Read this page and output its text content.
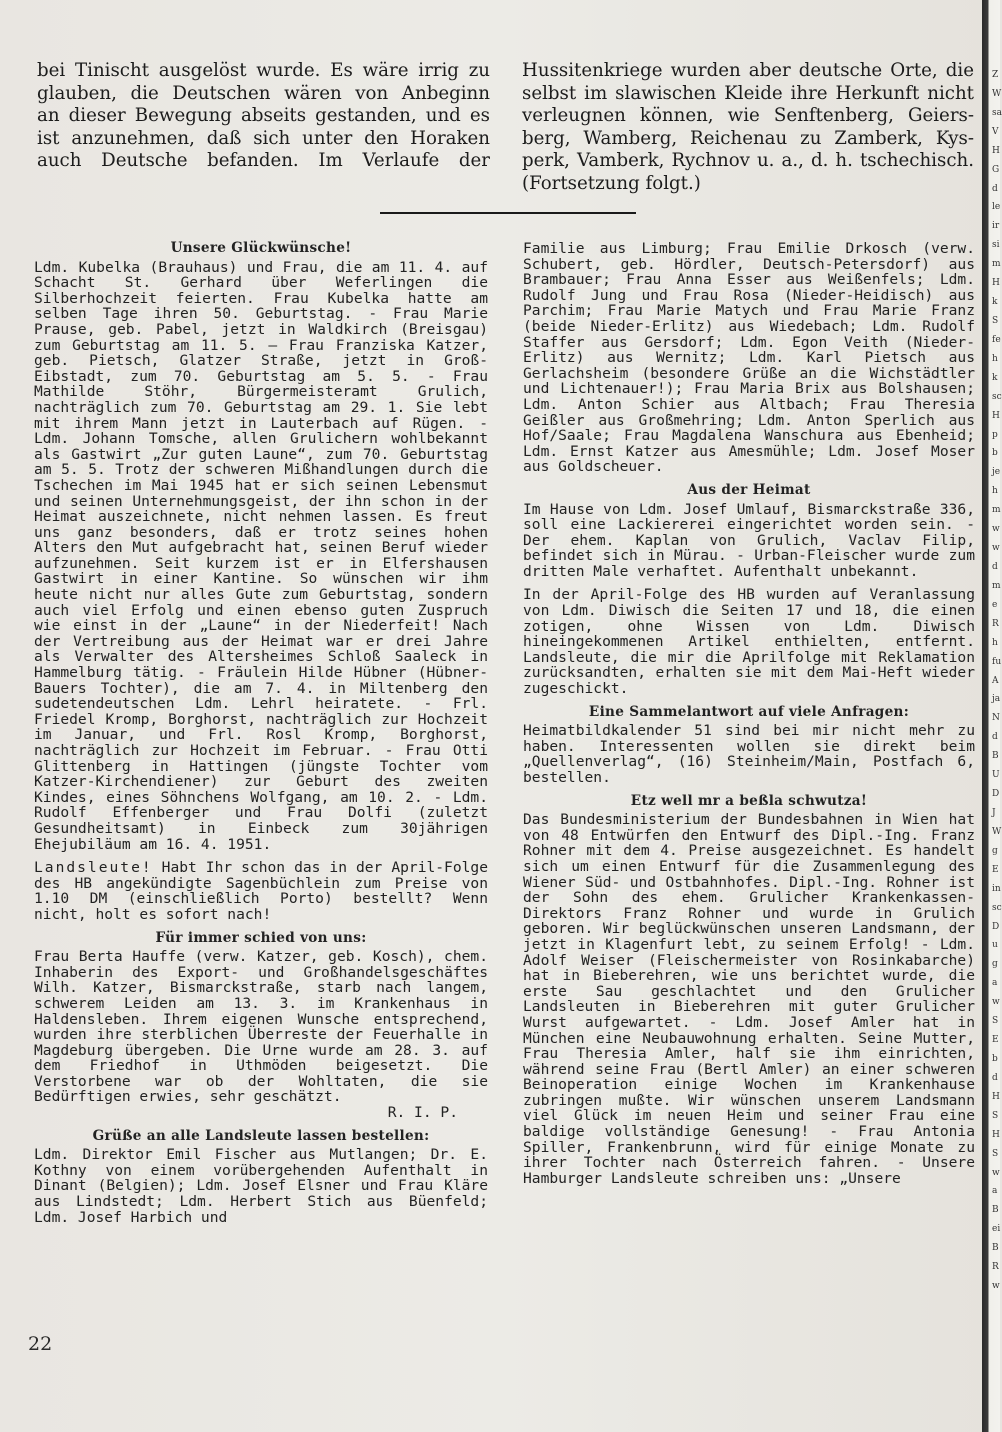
bei Tinischt ausgelöst wurde. Es wäre irrig zu
glauben, die Deutschen wären von Anbeginn
an dieser Bewegung abseits gestanden, und es
ist anzunehmen, daß sich unter den Horaken
auch Deutsche befanden. Im Verlaufe der
Hussitenkriege wurden aber deutsche Orte, die
selbst im slawischen Kleide ihre Herkunft nicht
verleugnen können, wie Senftenberg, Geiers-
berg, Wamberg, Reichenau zu Zamberk, Kys-
perk, Vamberk, Rychnov u. a., d. h. tschechisch.
(Fortsetzung folgt.)
Unsere Glückwünsche!

Ldm. Kubelka (Brauhaus) und Frau, die am 11. 4. auf Schacht St. Gerhard über Weferlingen die Silberhochzeit feierten. Frau Kubelka hatte am selben Tage ihren 50. Geburtstag. - Frau Marie Prause, geb. Pabel, jetzt in Waldkirch (Breisgau) zum Geburtstag am 11. 5. — Frau Franziska Katzer, geb. Pietsch, Glatzer Straße, jetzt in Groß-Eibstadt, zum 70. Geburtstag am 5. 5. - Frau Mathilde Stöhr, Bürgermeisteramt Grulich, nachträglich zum 70. Geburtstag am 29. 1. Sie lebt mit ihrem Mann jetzt in Lauterbach auf Rügen. - Ldm. Johann Tomsche, allen Grulichern wohlbekannt als Gastwirt „Zur guten Laune“, zum 70. Geburtstag am 5. 5. Trotz der schweren Mißhandlungen durch die Tschechen im Mai 1945 hat er sich seinen Lebensmut und seinen Unternehmungsgeist, der ihn schon in der Heimat auszeichnete, nicht nehmen lassen. Es freut uns ganz besonders, daß er trotz seines hohen Alters den Mut aufgebracht hat, seinen Beruf wieder aufzunehmen. Seit kurzem ist er in Elfershausen Gastwirt in einer Kantine. So wünschen wir ihm heute nicht nur alles Gute zum Geburtstag, sondern auch viel Erfolg und einen ebenso guten Zuspruch wie einst in der „Laune“ in der Niederfeit! Nach der Vertreibung aus der Heimat war er drei Jahre als Verwalter des Altersheimes Schloß Saaleck in Hammelburg tätig. - Fräulein Hilde Hübner (Hübner-Bauers Tochter), die am 7. 4. in Miltenberg den sudetendeutschen Ldm. Lehrl heiratete. - Frl. Friedel Kromp, Borghorst, nachträglich zur Hochzeit im Januar, und Frl. Rosl Kromp, Borghorst, nachträglich zur Hochzeit im Februar. - Frau Otti Glittenberg in Hattingen (jüngste Tochter vom Katzer-Kirchendiener) zur Geburt des zweiten Kindes, eines Söhnchens Wolfgang, am 10. 2. - Ldm. Rudolf Effenberger und Frau Dolfi (zuletzt Gesundheitsamt) in Einbeck zum 30jährigen Ehejubiläum am 16. 4. 1951.

Landsleute! Habt Ihr schon das in der April-Folge des HB angekündigte Sagenbüchlein zum Preise von 1.10 DM (einschließlich Porto) bestellt? Wenn nicht, holt es sofort nach!

Für immer schied von uns:

Frau Berta Hauffe (verw. Katzer, geb. Kosch), chem. Inhaberin des Export- und Großhandelsgeschäftes Wilh. Katzer, Bismarckstraße, starb nach langem, schwerem Leiden am 13. 3. im Krankenhaus in Haldensleben. Ihrem eigenen Wunsche entsprechend, wurden ihre sterblichen Überreste der Feuerhalle in Magdeburg übergeben. Die Urne wurde am 28. 3. auf dem Friedhof in Uthmöden beigesetzt. Die Verstorbene war ob der Wohltaten, die sie Bedürftigen erwies, sehr geschätzt.
R. I. P.

Grüße an alle Landsleute lassen bestellen:

Ldm. Direktor Emil Fischer aus Mutlangen; Dr. E. Kothny von einem vorübergehenden Aufenthalt in Dinant (Belgien); Ldm. Josef Elsner und Frau Kläre aus Lindstedt; Ldm. Herbert Stich aus Büenfeld; Ldm. Josef Harbich und

Familie aus Limburg; Frau Emilie Drkosch (verw. Schubert, geb. Hördler, Deutsch-Petersdorf) aus Brambauer; Frau Anna Esser aus Weißenfels; Ldm. Rudolf Jung und Frau Rosa (Nieder-Heidisch) aus Parchim; Frau Marie Matych und Frau Marie Franz (beide Nieder-Erlitz) aus Wiedebach; Ldm. Rudolf Staffer aus Gersdorf; Ldm. Egon Veith (Nieder-Erlitz) aus Wernitz; Ldm. Karl Pietsch aus Gerlachsheim (besondere Grüße an die Wichstädtler und Lichtenauer!); Frau Maria Brix aus Bolshausen; Ldm. Anton Schier aus Altbach; Frau Theresia Geißler aus Großmehring; Ldm. Anton Sperlich aus Hof/Saale; Frau Magdalena Wanschura aus Ebenheid; Ldm. Ernst Katzer aus Amesmühle; Ldm. Josef Moser aus Goldscheuer.

Aus der Heimat

Im Hause von Ldm. Josef Umlauf, Bismarckstraße 336, soll eine Lackiererei eingerichtet worden sein. - Der ehem. Kaplan von Grulich, Vaclav Filip, befindet sich in Mürau. - Urban-Fleischer wurde zum dritten Male verhaftet. Aufenthalt unbekannt.

In der April-Folge des HB wurden auf Veranlassung von Ldm. Diwisch die Seiten 17 und 18, die einen zotigen, ohne Wissen von Ldm. Diwisch hineingekommenen Artikel enthielten, entfernt. Landsleute, die mir die Aprilfolge mit Reklamation zurücksandten, erhalten sie mit dem Mai-Heft wieder zugeschickt.

Eine Sammelantwort auf viele Anfragen:

Heimatbildkalender 51 sind bei mir nicht mehr zu haben. Interessenten wollen sie direkt beim „Quellenverlag“, (16) Steinheim/Main, Postfach 6, bestellen.

Etz well mr a beßla schwutza!

Das Bundesministerium der Bundesbahnen in Wien hat von 48 Entwürfen den Entwurf des Dipl.-Ing. Franz Rohner mit dem 4. Preise ausgezeichnet. Es handelt sich um einen Entwurf für die Zusammenlegung des Wiener Süd- und Ostbahnhofes. Dipl.-Ing. Rohner ist der Sohn des ehem. Grulicher Krankenkassen-Direktors Franz Rohner und wurde in Grulich geboren. Wir beglückwünschen unseren Landsmann, der jetzt in Klagenfurt lebt, zu seinem Erfolg! - Ldm. Adolf Weiser (Fleischermeister von Rosinkabarche) hat in Bieberehren, wie uns berichtet wurde, die erste Sau geschlachtet und den Grulicher Landsleuten in Bieberehren mit guter Grulicher Wurst aufgewartet. - Ldm. Josef Amler hat in München eine Neubauwohnung erhalten. Seine Mutter, Frau Theresia Amler, half sie ihm einrichten, während seine Frau (Bertl Amler) an einer schweren Beinoperation einige Wochen im Krankenhause zubringen mußte. Wir wünschen unserem Landsmann viel Glück im neuen Heim und seiner Frau eine baldige vollständige Genesung! - Frau Antonia Spiller, Frankenbrunn, wird für einige Monate zu ihrer Tochter nach Österreich fahren. - Unsere Hamburger Landsleute schreiben uns: „Unsere

22
Z
W
sa
V
H
G
d
le
ir
si
m
H
k
S
fe
h
k
sc
H
p
b
je
h
m
w
w
d
m
e
R
h
fu
A
ja
N
d
B
U
D
J
W
g
E
in
sc
D
u
g
a
w
S
E
b
d
H
S
H
S
w
a
B
ei
B
R
w
